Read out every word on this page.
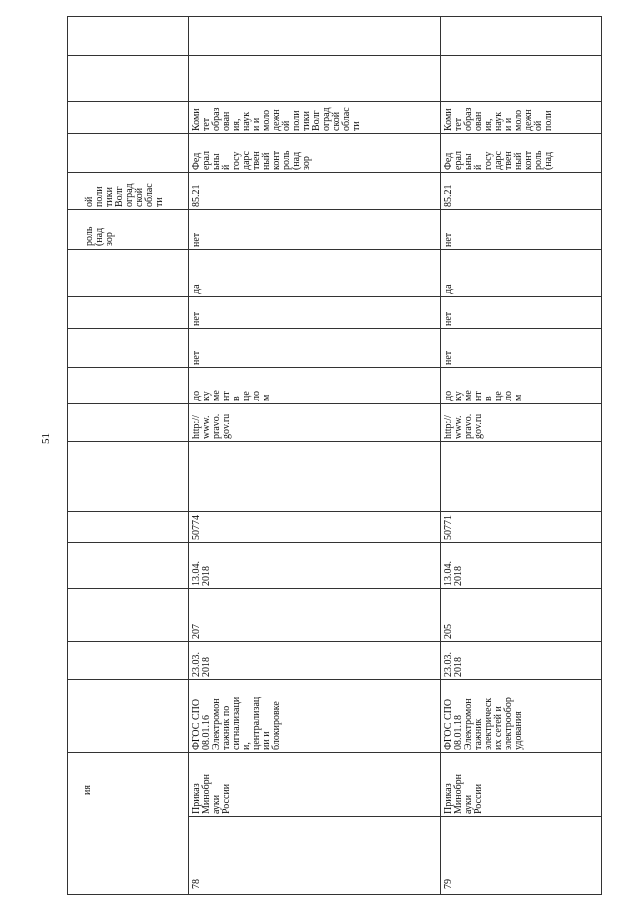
51
ия
роль (над зор
ой поли тики Волг оград ской облас ти
78
Приказ Минобрн ауки России
ФГОС СПО 08.01.16 Электромон тажник по сигнализаци и, централизац ии и блокировке
23.03. 2018
207
13.04. 2018
50774
http:// www. pravo. gov.ru
до ку ме нт в це ло м
нет
нет
да
нет
85.21
Фед ерал ьны й госу дарс твен ный конт роль (над зор
Коми тет образ ован ия, наук и и моло дежн ой поли тики Волг оград ской облас ти
79
Приказ Минобрн ауки России
ФГОС СПО 08.01.18 Электромон тажник электрическ их сетей и электрообор удования
23.03. 2018
205
13.04. 2018
50771
http:// www. pravo. gov.ru
до ку ме нт в це ло м
нет
нет
да
нет
85.21
Фед ерал ьны й госу дарс твен ный конт роль (над
Коми тет образ ован ия, наук и и моло дежн ой поли
